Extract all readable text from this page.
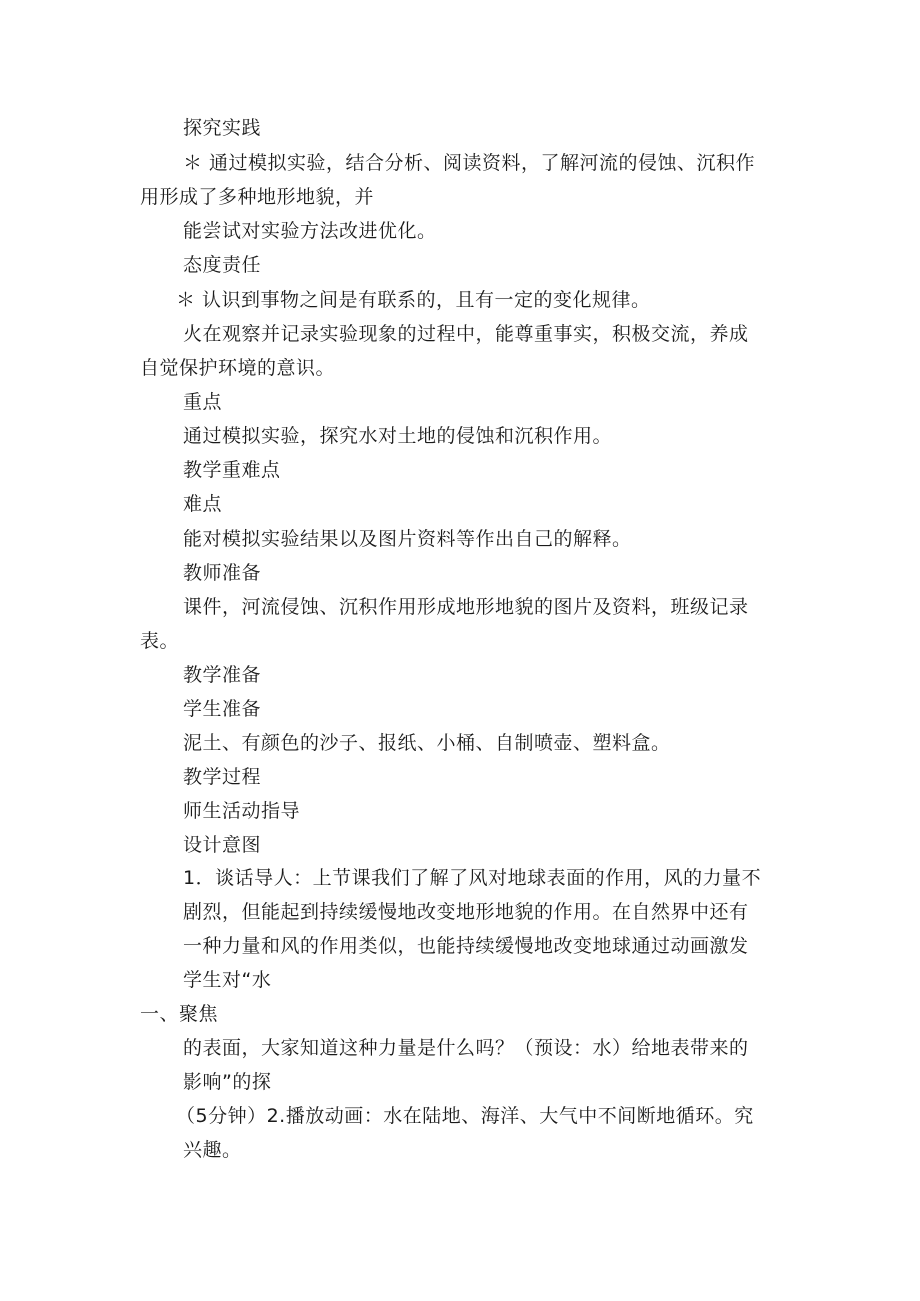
探究实践
＊ 通过模拟实验，结合分析、阅读资料，了解河流的侵蚀、沉积作
用形成了多种地形地貌，并
能尝试对实验方法改进优化。
态度责任
＊ 认识到事物之间是有联系的，且有一定的变化规律。
火在观察并记录实验现象的过程中，能尊重事实，积极交流，养成
自觉保护环境的意识。
重点
通过模拟实验，探究水对土地的侵蚀和沉积作用。
教学重难点
难点
能对模拟实验结果以及图片资料等作出自己的解释。
教师准备
课件，河流侵蚀、沉积作用形成地形地貌的图片及资料，班级记录
表。
教学准备
学生准备
泥土、有颜色的沙子、报纸、小桶、自制喷壶、塑料盒。
教学过程
师生活动指导
设计意图
1．谈话导人：上节课我们了解了风对地球表面的作用，风的力量不
剧烈，但能起到持续缓慢地改变地形地貌的作用。在自然界中还有
一种力量和风的作用类似，也能持续缓慢地改变地球通过动画激发
学生对“水
一、聚焦
的表面，大家知道这种力量是什么吗？（预设：水）给地表带来的
影响”的探
（5分钟）2.播放动画：水在陆地、海洋、大气中不间断地循环。究
兴趣。
